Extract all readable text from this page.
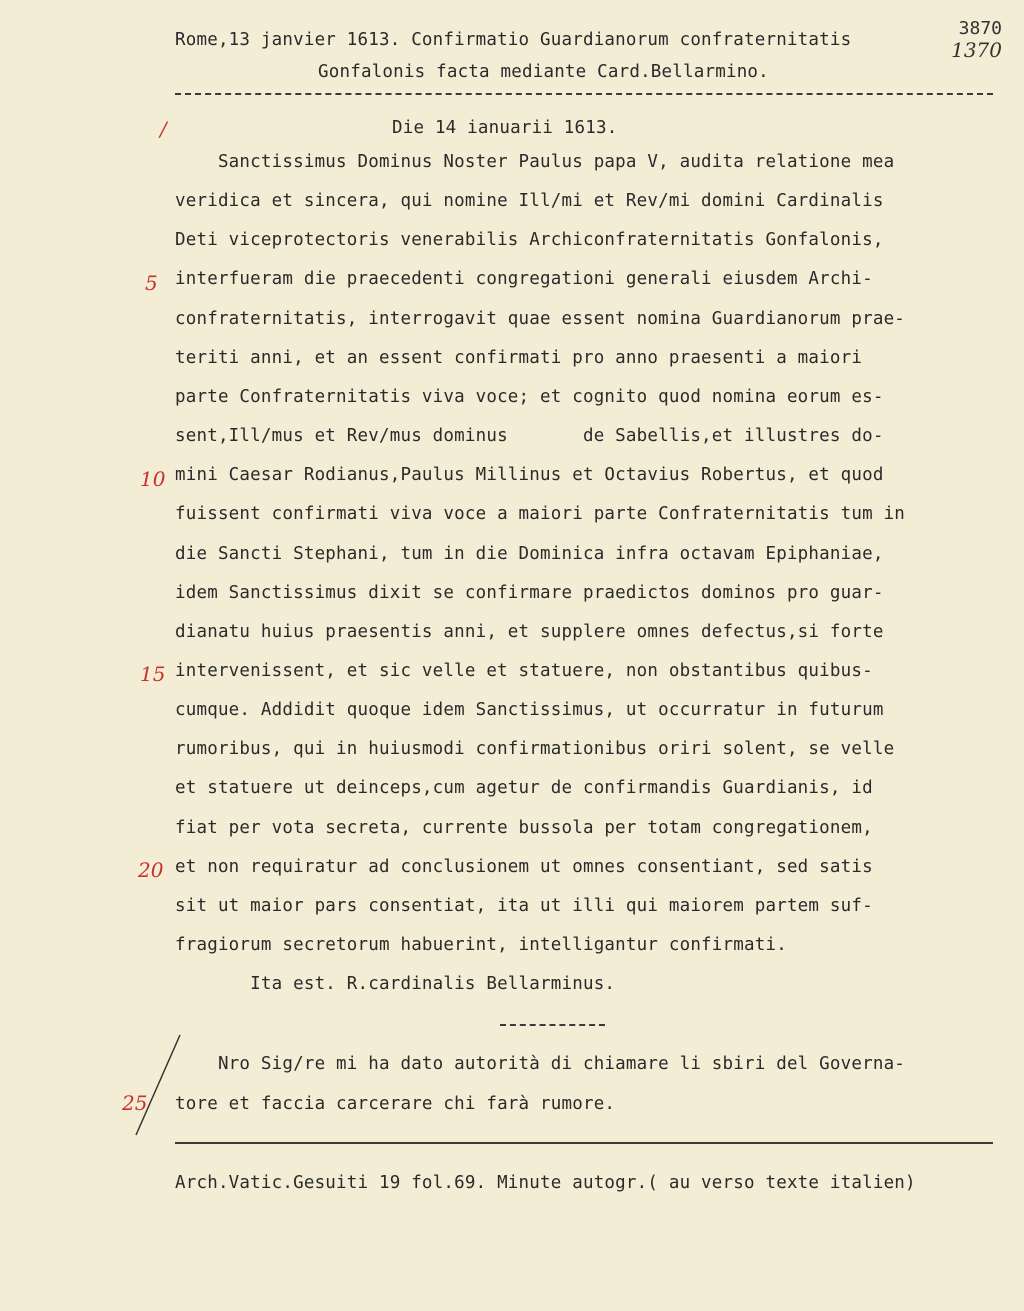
Rome,13 janvier 1613. Confirmatio Guardianorum confraternitatis
Gonfalonis facta mediante Card.Bellarmino.
3870
1370
/	Die 14 ianuarii 1613.
Sanctissimus Dominus Noster Paulus papa V, audita relatione mea
veridica et sincera, qui nomine Ill/mi et Rev/mi domini Cardinalis
Deti viceprotectoris venerabilis Archiconfraternitatis Gonfalonis,
interfueram die praecedenti congregationi generali eiusdem Archi-
confraternitatis, interrogavit quae essent nomina Guardianorum prae-
teriti anni, et an essent confirmati pro anno praesenti a maiori
parte Confraternitatis viva voce; et cognito quod nomina eorum es-
sent,Ill/mus et Rev/mus dominus       de Sabellis,et illustres do-
mini Caesar Rodianus,Paulus Millinus et Octavius Robertus, et quod
fuissent confirmati viva voce a maiori parte Confraternitatis tum in
die Sancti Stephani, tum in die Dominica infra octavam Epiphaniae,
idem Sanctissimus dixit se confirmare praedictos dominos pro guar-
dianatu huius praesentis anni, et supplere omnes defectus,si forte
intervenissent, et sic velle et statuere, non obstantibus quibus-
cumque. Addidit quoque idem Sanctissimus, ut occurratur in futurum
rumoribus, qui in huiusmodi confirmationibus oriri solent, se velle
et statuere ut deinceps,cum agetur de confirmandis Guardianis, id
fiat per vota secreta, currente bussola per totam congregationem,
et non requiratur ad conclusionem ut omnes consentiant, sed satis
sit ut maior pars consentiat, ita ut illi qui maiorem partem suf-
fragiorum secretorum habuerint, intelligantur confirmati.
Ita est. R.cardinalis Bellarminus.
5
10
15
20
Nro Sig/re mi ha dato autorità di chiamare li sbiri del Governa-
tore et faccia carcerare chi farà rumore.
25
Arch.Vatic.Gesuiti 19 fol.69. Minute autogr.( au verso texte italien)
